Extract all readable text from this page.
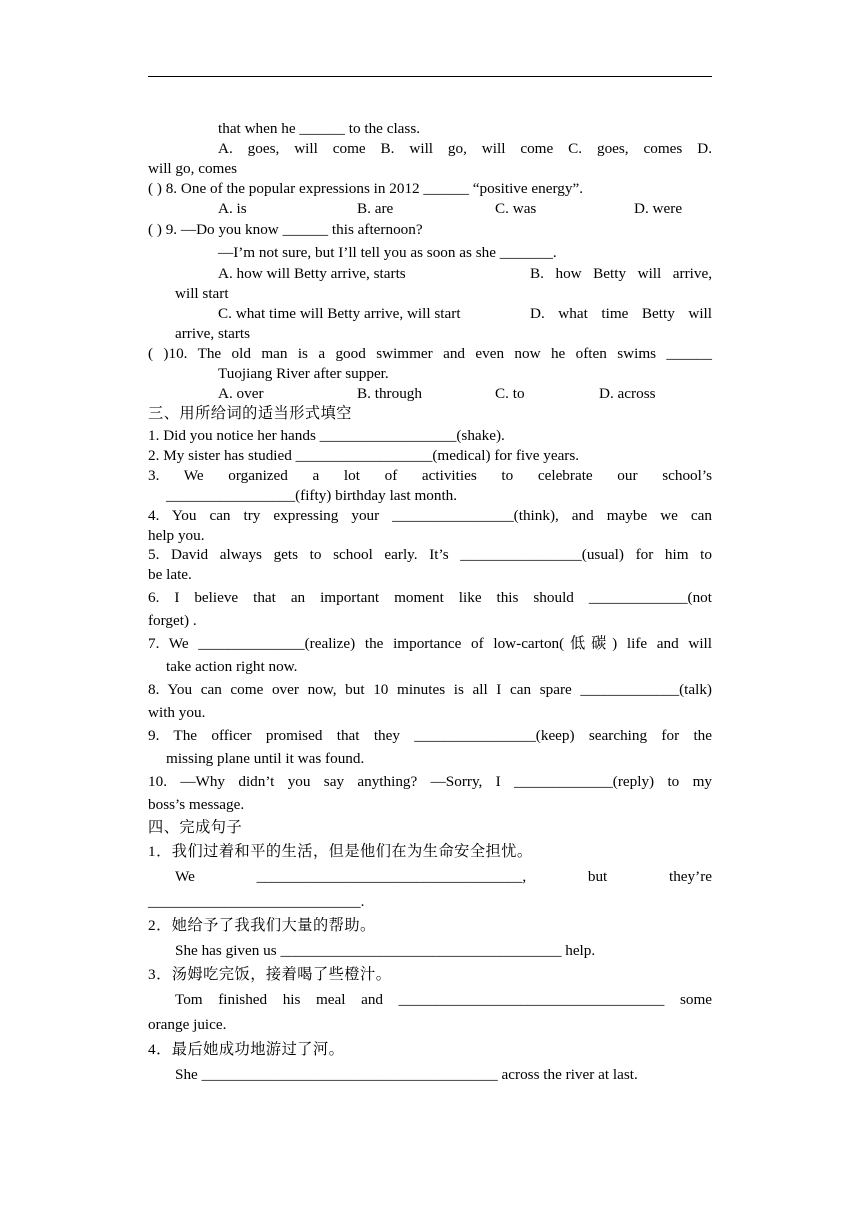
that when he ______ to the class.
A. goes, will come B. will go, will come C. goes, comes D.
will go, comes
( ) 8. One of the popular expressions in 2012 ______ “positive energy”.
A. is	B. are	C. was	D. were
( ) 9. —Do you know ______ this afternoon?
—I’m not sure, but I’ll tell you as soon as she _______.
A. how will Betty arrive, starts	B. how Betty will arrive,
will start
C. what time will Betty arrive, will start	D. what time Betty will
arrive, starts
( )10. The old man is a good swimmer and even now he often swims ______
Tuojiang River after supper.
A. over	B. through	C. to	D. across
三、用所给词的适当形式填空
1. Did you notice her hands __________________(shake).
2. My sister has studied __________________(medical) for five years.
3. We organized a lot of activities to celebrate our school’s
_________________(fifty) birthday last month.
4. You can try expressing your ________________(think), and maybe we can
help you.
5. David always gets to school early. It’s ________________(usual) for him to
be late.
6. I believe that an important moment like this should _____________(not
forget) .
7. We ______________(realize) the importance of low-carton(低碳) life and will
take action right now.
8. You can come over now, but 10 minutes is all I can spare _____________(talk)
with you.
9. The officer promised that they ________________(keep) searching for the
missing plane until it was found.
10. —Why didn’t you say anything? —Sorry, I _____________(reply) to my
boss’s message.
四、完成句子
1．我们过着和平的生活，但是他们在为生命安全担忧。
We ___________________________________, but they’re
____________________________.
2．她给予了我我们大量的帮助。
She has given us _____________________________________ help.
3．汤姆吃完饭，接着喝了些橙汁。
Tom finished his meal and ___________________________________ some
orange juice.
4．最后她成功地游过了河。
She _______________________________________ across the river at last.
